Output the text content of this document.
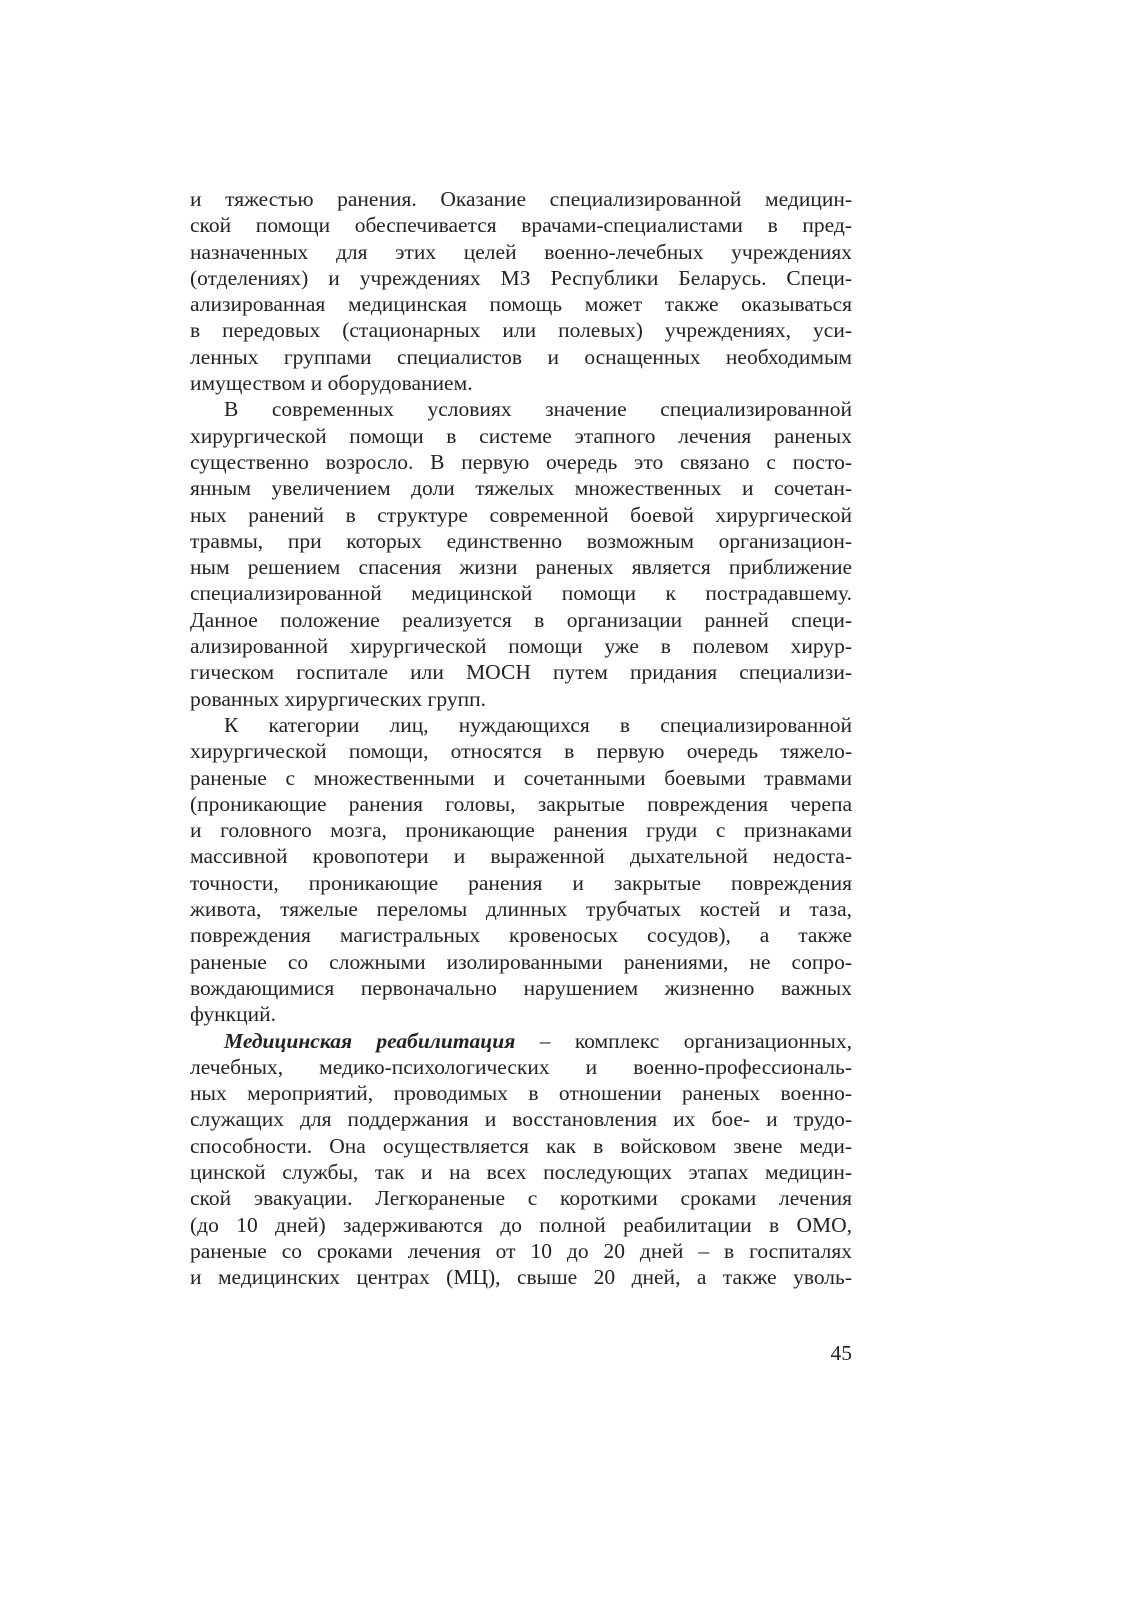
и тяжестью ранения. Оказание специализированной медицин-
ской помощи обеспечивается врачами-специалистами в пред-
назначенных для этих целей военно-лечебных учреждениях
(отделениях) и учреждениях МЗ Республики Беларусь. Специ-
ализированная медицинская помощь может также оказываться
в передовых (стационарных или полевых) учреждениях, уси-
ленных группами специалистов и оснащенных необходимым
имуществом и оборудованием.
В современных условиях значение специализированной
хирургической помощи в системе этапного лечения раненых
существенно возросло. В первую очередь это связано с посто-
янным увеличением доли тяжелых множественных и сочетан-
ных ранений в структуре современной боевой хирургической
травмы, при которых единственно возможным организацион-
ным решением спасения жизни раненых является приближение
специализированной медицинской помощи к пострадавшему.
Данное положение реализуется в организации ранней специ-
ализированной хирургической помощи уже в полевом хирур-
гическом госпитале или МОСН путем придания специализи-
рованных хирургических групп.
К категории лиц, нуждающихся в специализированной
хирургической помощи, относятся в первую очередь тяжело-
раненые с множественными и сочетанными боевыми травмами
(проникающие ранения головы, закрытые повреждения черепа
и головного мозга, проникающие ранения груди с признаками
массивной кровопотери и выраженной дыхательной недоста-
точности, проникающие ранения и закрытые повреждения
живота, тяжелые переломы длинных трубчатых костей и таза,
повреждения магистральных кровеносых сосудов), а также
раненые со сложными изолированными ранениями, не сопро-
вождающимися первоначально нарушением жизненно важных
функций.
Медицинская реабилитация – комплекс организационных,
лечебных, медико-психологических и военно-профессиональ-
ных мероприятий, проводимых в отношении раненых военно-
служащих для поддержания и восстановления их бое- и трудо-
способности. Она осуществляется как в войсковом звене меди-
цинской службы, так и на всех последующих этапах медицин-
ской эвакуации. Легкораненые с короткими сроками лечения
(до 10 дней) задерживаются до полной реабилитации в ОМО,
раненые со сроками лечения от 10 до 20 дней – в госпиталях
и медицинских центрах (МЦ), свыше 20 дней, а также уволь-
45
